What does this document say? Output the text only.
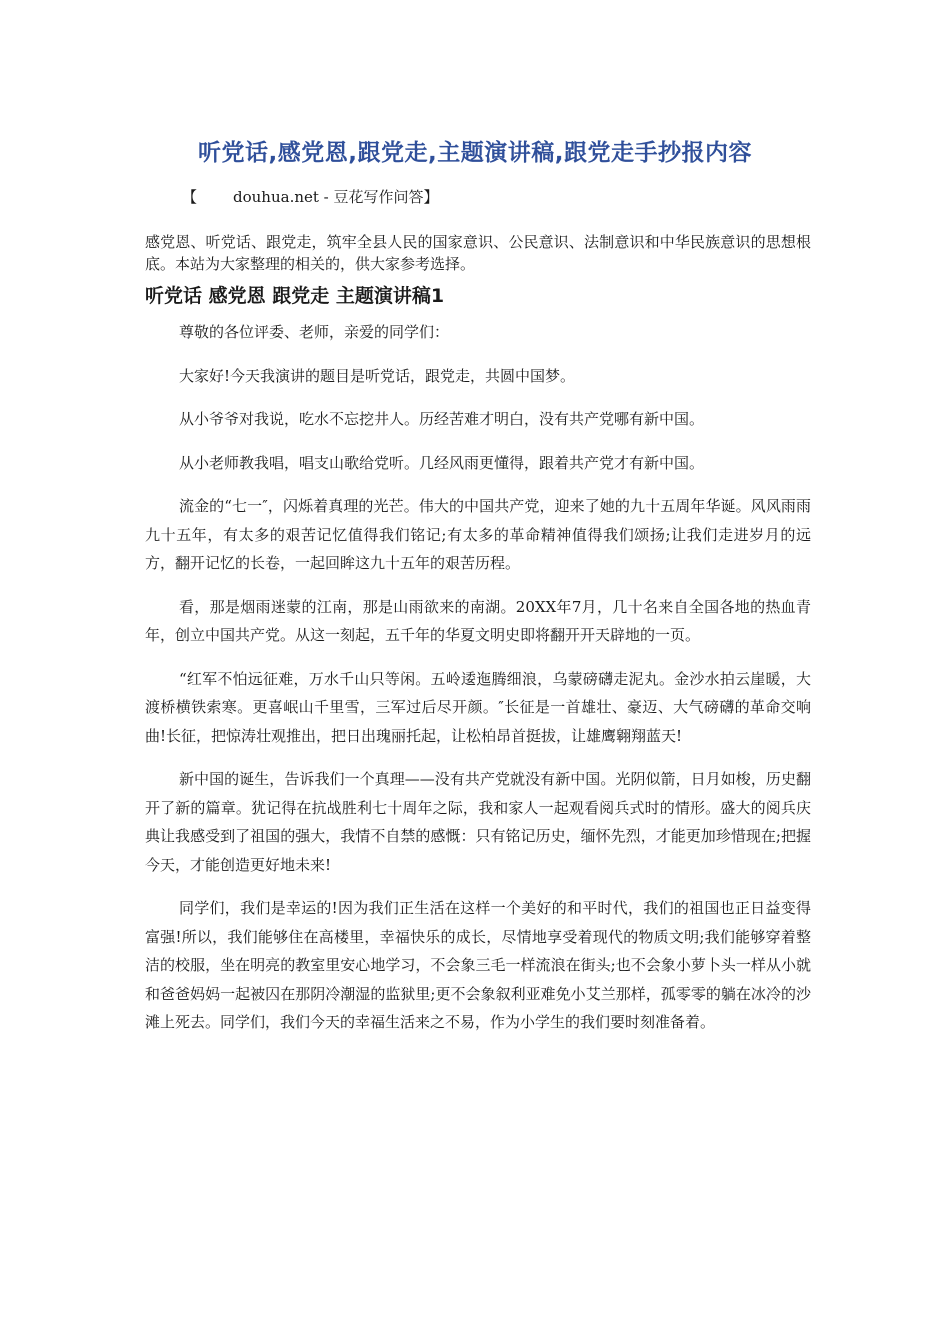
听党话,感党恩,跟党走,主题演讲稿,跟党走手抄报内容
【 douhua.net - 豆花写作问答】
感党恩、听党话、跟党走，筑牢全县人民的国家意识、公民意识、法制意识和中华民族意识的思想根底。本站为大家整理的相关的，供大家参考选择。
听党话 感党恩 跟党走 主题演讲稿1

尊敬的各位评委、老师，亲爱的同学们：

大家好!今天我演讲的题目是听党话，跟党走，共圆中国梦。

从小爷爷对我说，吃水不忘挖井人。历经苦难才明白，没有共产党哪有新中国。

从小老师教我唱，唱支山歌给党听。几经风雨更懂得，跟着共产党才有新中国。

流金的“七一″，闪烁着真理的光芒。伟大的中国共产党，迎来了她的九十五周年华诞。风风雨雨九十五年，有太多的艰苦记忆值得我们铭记;有太多的革命精神值得我们颂扬;让我们走进岁月的远方，翻开记忆的长卷，一起回眸这九十五年的艰苦历程。

看，那是烟雨迷蒙的江南，那是山雨欲来的南湖。20XX年7月，几十名来自全国各地的热血青年，创立中国共产党。从这一刻起，五千年的华夏文明史即将翻开开天辟地的一页。

“红军不怕远征难，万水千山只等闲。五岭逶迤腾细浪，乌蒙磅礴走泥丸。金沙水拍云崖暖，大渡桥横铁索寒。更喜岷山千里雪，三军过后尽开颜。″长征是一首雄壮、豪迈、大气磅礴的革命交响曲!长征，把惊涛壮观推出，把日出瑰丽托起，让松柏昂首挺拔，让雄鹰翱翔蓝天!

新中国的诞生，告诉我们一个真理——没有共产党就没有新中国。光阴似箭，日月如梭，历史翻开了新的篇章。犹记得在抗战胜利七十周年之际，我和家人一起观看阅兵式时的情形。盛大的阅兵庆典让我感受到了祖国的强大，我情不自禁的感慨：只有铭记历史，缅怀先烈，才能更加珍惜现在;把握今天，才能创造更好地未来!

同学们，我们是幸运的!因为我们正生活在这样一个美好的和平时代，我们的祖国也正日益变得富强!所以，我们能够住在高楼里，幸福快乐的成长，尽情地享受着现代的物质文明;我们能够穿着整洁的校服，坐在明亮的教室里安心地学习，不会象三毛一样流浪在街头;也不会象小萝卜头一样从小就和爸爸妈妈一起被囚在那阴冷潮湿的监狱里;更不会象叙利亚难免小艾兰那样，孤零零的躺在冰冷的沙滩上死去。同学们，我们今天的幸福生活来之不易，作为小学生的我们要时刻准备着。
